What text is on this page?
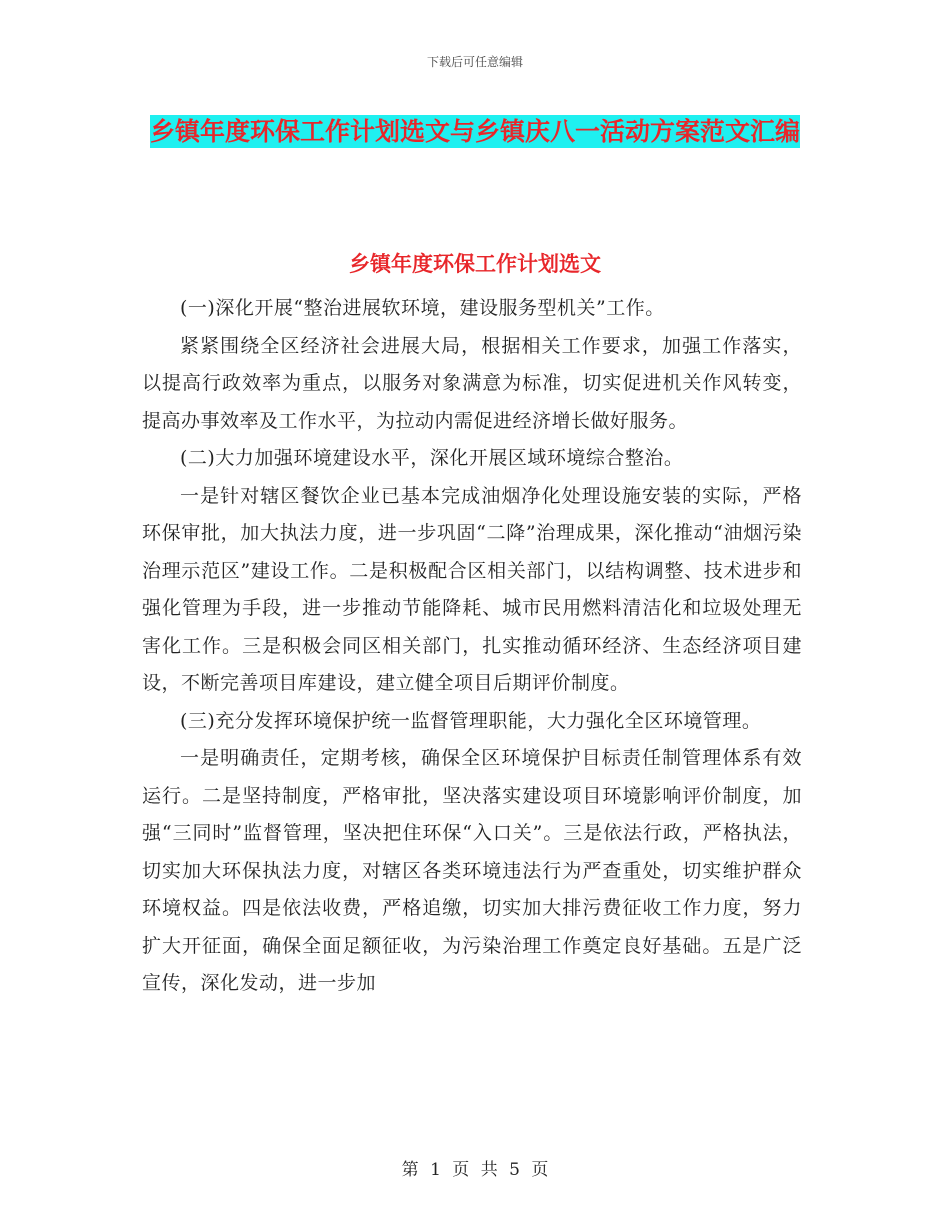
下载后可任意编辑
乡镇年度环保工作计划选文与乡镇庆八一活动方案范文汇编
乡镇年度环保工作计划选文

(一)深化开展“整治进展软环境，建设服务型机关”工作。

紧紧围绕全区经济社会进展大局，根据相关工作要求，加强工作落实，以提高行政效率为重点，以服务对象满意为标准，切实促进机关作风转变，提高办事效率及工作水平，为拉动内需促进经济增长做好服务。

(二)大力加强环境建设水平，深化开展区域环境综合整治。

一是针对辖区餐饮企业已基本完成油烟净化处理设施安装的实际，严格环保审批，加大执法力度，进一步巩固“二降”治理成果，深化推动“油烟污染治理示范区”建设工作。二是积极配合区相关部门，以结构调整、技术进步和强化管理为手段，进一步推动节能降耗、城市民用燃料清洁化和垃圾处理无害化工作。三是积极会同区相关部门，扎实推动循环经济、生态经济项目建设，不断完善项目库建设，建立健全项目后期评价制度。

(三)充分发挥环境保护统一监督管理职能，大力强化全区环境管理。

一是明确责任，定期考核，确保全区环境保护目标责任制管理体系有效运行。二是坚持制度，严格审批，坚决落实建设项目环境影响评价制度，加强“三同时”监督管理，坚决把住环保“入口关”。三是依法行政，严格执法，切实加大环保执法力度，对辖区各类环境违法行为严查重处，切实维护群众环境权益。四是依法收费，严格追缴，切实加大排污费征收工作力度，努力扩大开征面，确保全面足额征收，为污染治理工作奠定良好基础。五是广泛宣传，深化发动，进一步加

第 1 页 共 5 页
